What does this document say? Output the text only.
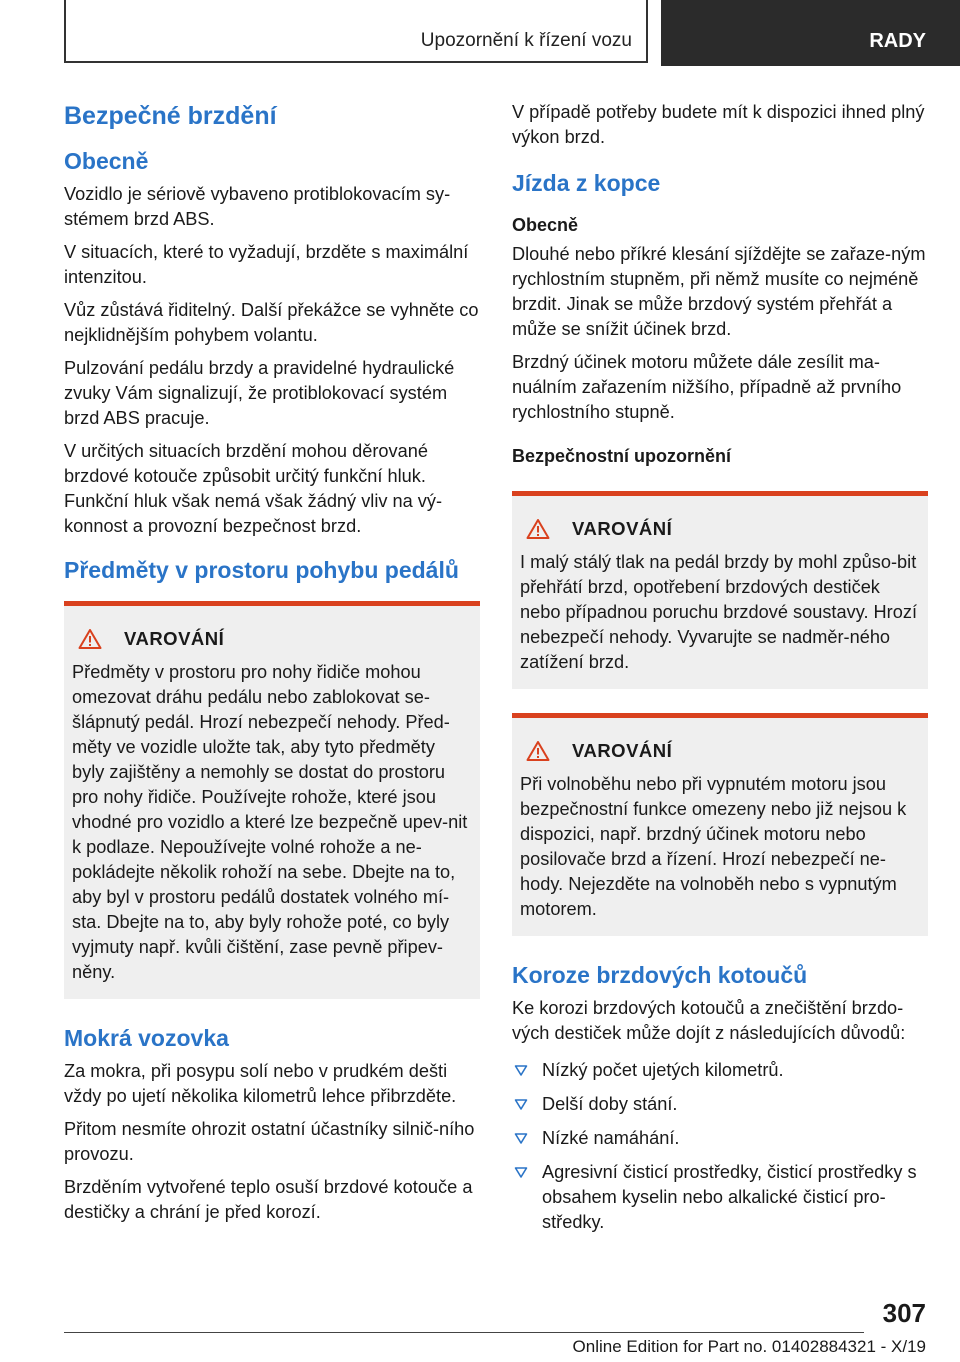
Upozornění k řízení vozu	RADY
Bezpečné brzdění
Obecně

Vozidlo je sériově vybaveno protiblokovacím sy-stémem brzd ABS.

V situacích, které to vyžadují, brzděte s maximální intenzitou.

Vůz zůstává řiditelný. Další překážce se vyhněte co nejklidnějším pohybem volantu.

Pulzování pedálu brzdy a pravidelné hydraulické zvuky Vám signalizují, že protiblokovací systém brzd ABS pracuje.

V určitých situacích brzdění mohou děrované brzdové kotouče způsobit určitý funkční hluk. Funkční hluk však nemá však žádný vliv na vý-konnost a provozní bezpečnost brzd.

Předměty v prostoru pohybu pedálů
VAROVÁNÍ

Předměty v prostoru pro nohy řidiče mohou omezovat dráhu pedálu nebo zablokovat se-šlápnutý pedál. Hrozí nebezpečí nehody. Před-měty ve vozidle uložte tak, aby tyto předměty byly zajištěny a nemohly se dostat do prostoru pro nohy řidiče. Používejte rohože, které jsou vhodné pro vozidlo a které lze bezpečně upev-nit k podlaze. Nepoužívejte volné rohože a ne-pokládejte několik rohoží na sebe. Dbejte na to, aby byl v prostoru pedálů dostatek volného mí-sta. Dbejte na to, aby byly rohože poté, co byly vyjmuty např. kvůli čištění, zase pevně připev-něny.

Mokrá vozovka

Za mokra, při posypu solí nebo v prudkém dešti vždy po ujetí několika kilometrů lehce přibrzděte.

Přitom nesmíte ohrozit ostatní účastníky silnič-ního provozu.

Brzděním vytvořené teplo osuší brzdové kotouče a destičky a chrání je před korozí.

V případě potřeby budete mít k dispozici ihned plný výkon brzd.

Jízda z kopce
Obecně

Dlouhé nebo příkré klesání sjíždějte se zařaze-ným rychlostním stupněm, při němž musíte co nejméně brzdit. Jinak se může brzdový systém přehřát a může se snížit účinek brzd.

Brzdný účinek motoru můžete dále zesílit ma-nuálním zařazením nižšího, případně až prvního rychlostního stupně.

Bezpečnostní upozornění
VAROVÁNÍ

I malý stálý tlak na pedál brzdy by mohl způso-bit přehřátí brzd, opotřebení brzdových destiček nebo případnou poruchu brzdové soustavy. Hrozí nebezpečí nehody. Vyvarujte se nadměr-ného zatížení brzd.

VAROVÁNÍ

Při volnoběhu nebo při vypnutém motoru jsou bezpečnostní funkce omezeny nebo již nejsou k dispozici, např. brzdný účinek motoru nebo posilovače brzd a řízení. Hrozí nebezpečí ne-hody. Nejezděte na volnoběh nebo s vypnutým motorem.

Koroze brzdových kotoučů

Ke korozi brzdových kotoučů a znečištění brzdo-vých destiček může dojít z následujících důvodů:

Nízký počet ujetých kilometrů.
Delší doby stání.
Nízké namáhání.
Agresivní čisticí prostředky, čisticí prostředky s obsahem kyselin nebo alkalické čisticí pro-středky.
307
Online Edition for Part no. 01402884321 - X/19
